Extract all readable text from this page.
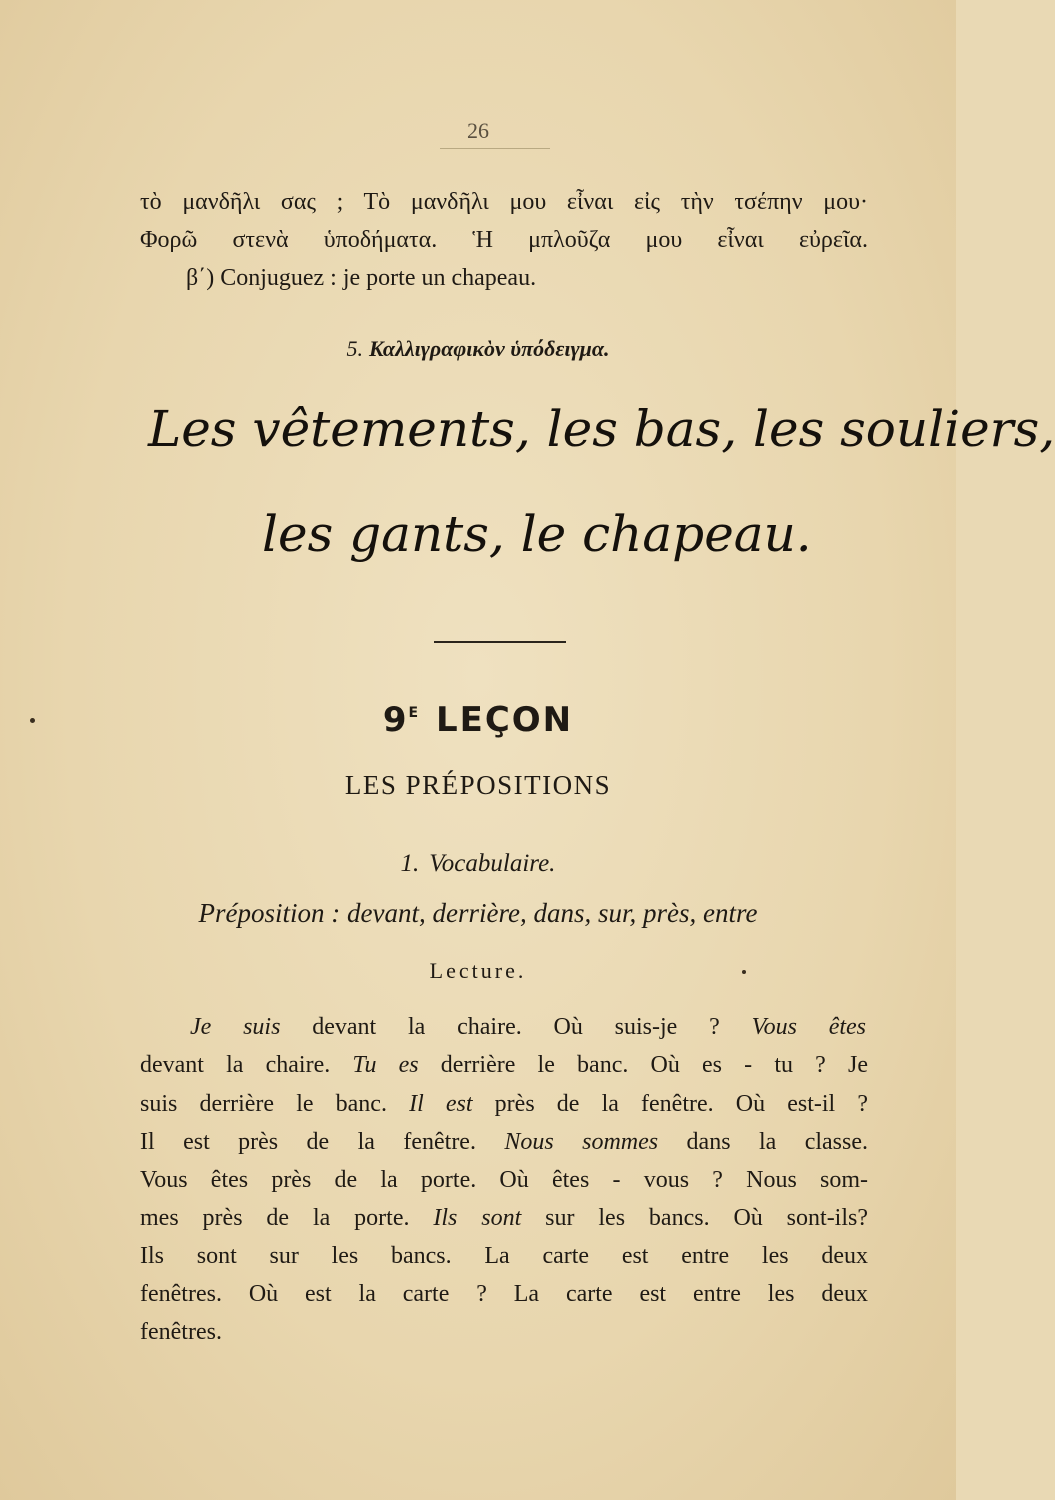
26
τὸ μανδῆλι σας ; Τὸ μανδῆλι μου εἶναι εἰς τὴν τσέπην μου·
Φορῶ στενὰ ὑποδήματα. Ἡ μπλοῦζα μου εἶναι εὐρεῖα.
β΄) Conjuguez : je porte un chapeau.
5. Καλλιγραφικὸν ὑπόδειγμα.
Les vêtements, les bas, les souliers,
les gants, le chapeau.
$9^E$ LEÇON
LES PRÉPOSITIONS
1. Vocabulaire.
Préposition : devant, derrière, dans, sur, près, entre
Lecture.
Je suis devant la chaire. Où suis-je ? Vous êtes
devant la chaire. Tu es derrière le banc. Où es - tu ? Je
suis derrière le banc. Il est près de la fenêtre. Où est-il ?
Il est près de la fenêtre. Nous sommes dans la classe.
Vous êtes près de la porte. Où êtes - vous ? Nous som-
mes près de la porte. Ils sont sur les bancs. Où sont-ils?
Ils sont sur les bancs. La carte est entre les deux
fenêtres. Où est la carte ? La carte est entre les deux
fenêtres.
